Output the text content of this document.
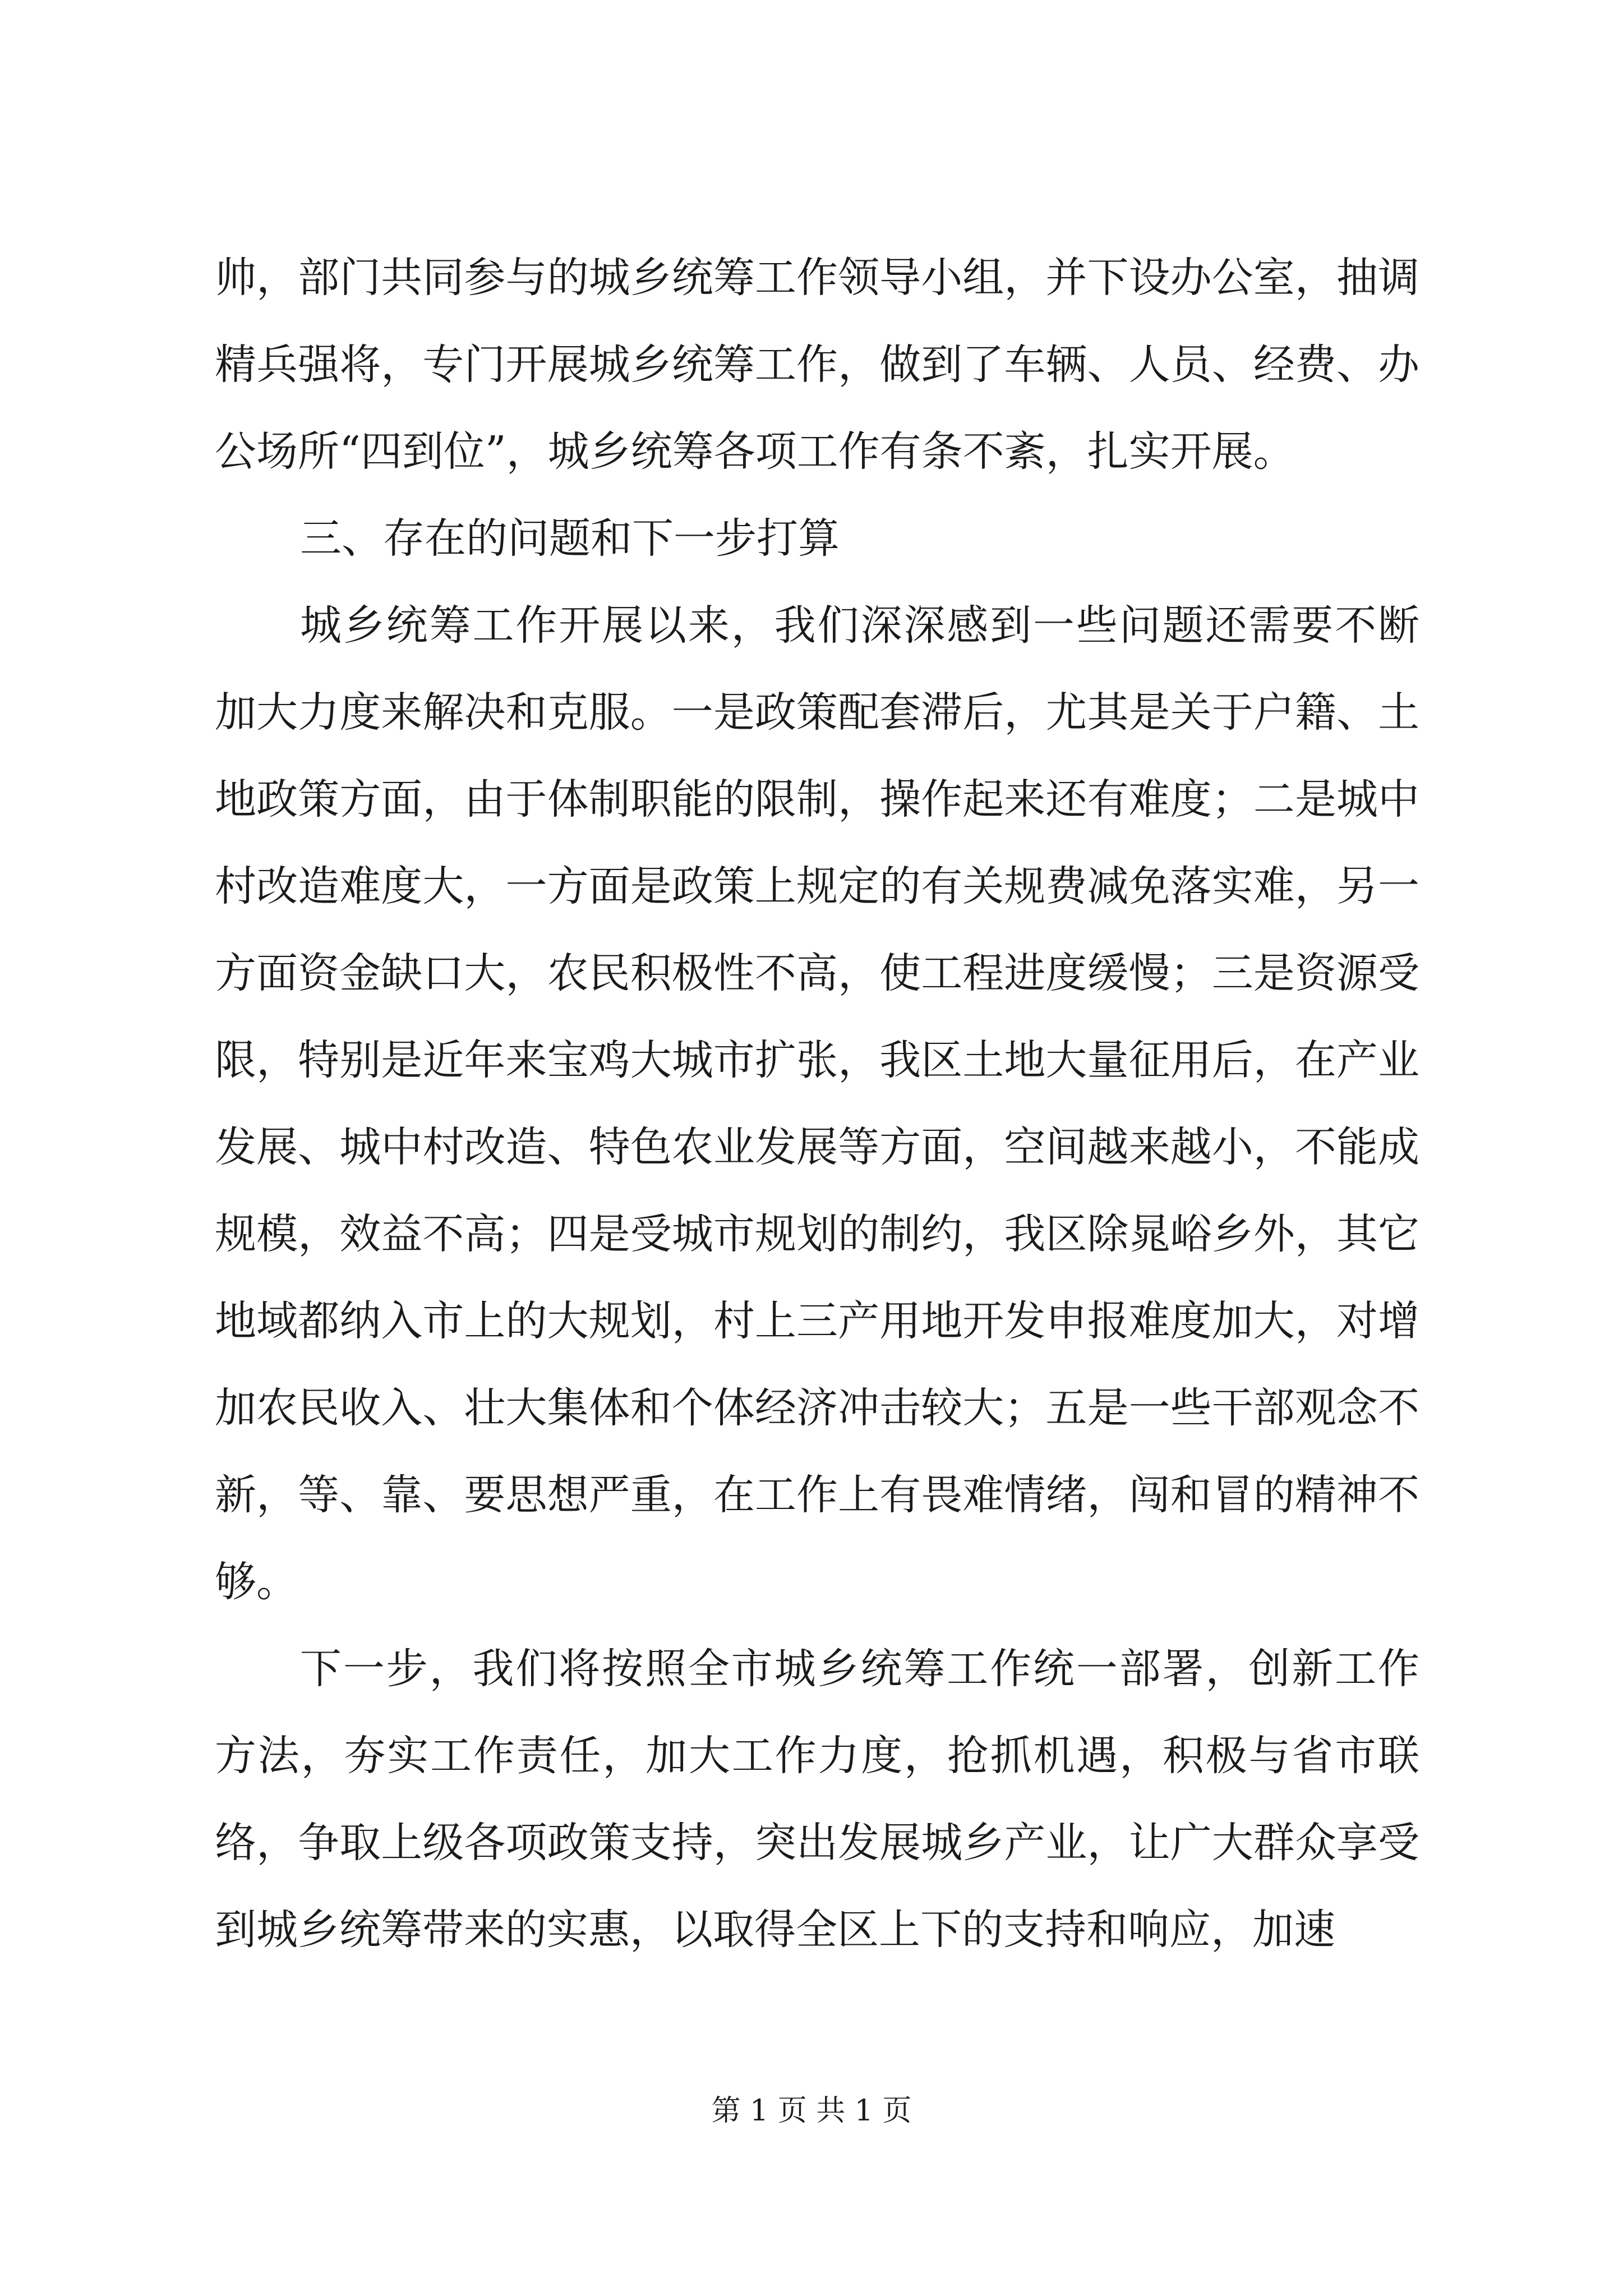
帅，部门共同参与的城乡统筹工作领导小组，并下设办公室，抽调精兵强将，专门开展城乡统筹工作，做到了车辆、人员、经费、办公场所“四到位”，城乡统筹各项工作有条不紊，扎实开展。

三、存在的问题和下一步打算

城乡统筹工作开展以来，我们深深感到一些问题还需要不断加大力度来解决和克服。一是政策配套滞后，尤其是关于户籍、土地政策方面，由于体制职能的限制，操作起来还有难度；二是城中村改造难度大，一方面是政策上规定的有关规费减免落实难，另一方面资金缺口大，农民积极性不高，使工程进度缓慢；三是资源受限，特别是近年来宝鸡大城市扩张，我区土地大量征用后，在产业发展、城中村改造、特色农业发展等方面，空间越来越小，不能成规模，效益不高；四是受城市规划的制约，我区除晁峪乡外，其它地域都纳入市上的大规划，村上三产用地开发申报难度加大，对增加农民收入、壮大集体和个体经济冲击较大；五是一些干部观念不新，等、靠、要思想严重，在工作上有畏难情绪，闯和冒的精神不够。

下一步，我们将按照全市城乡统筹工作统一部署，创新工作方法，夯实工作责任，加大工作力度，抢抓机遇，积极与省市联络，争取上级各项政策支持，突出发展城乡产业，让广大群众享受到城乡统筹带来的实惠，以取得全区上下的支持和响应，加速

第 1 页 共 1 页
